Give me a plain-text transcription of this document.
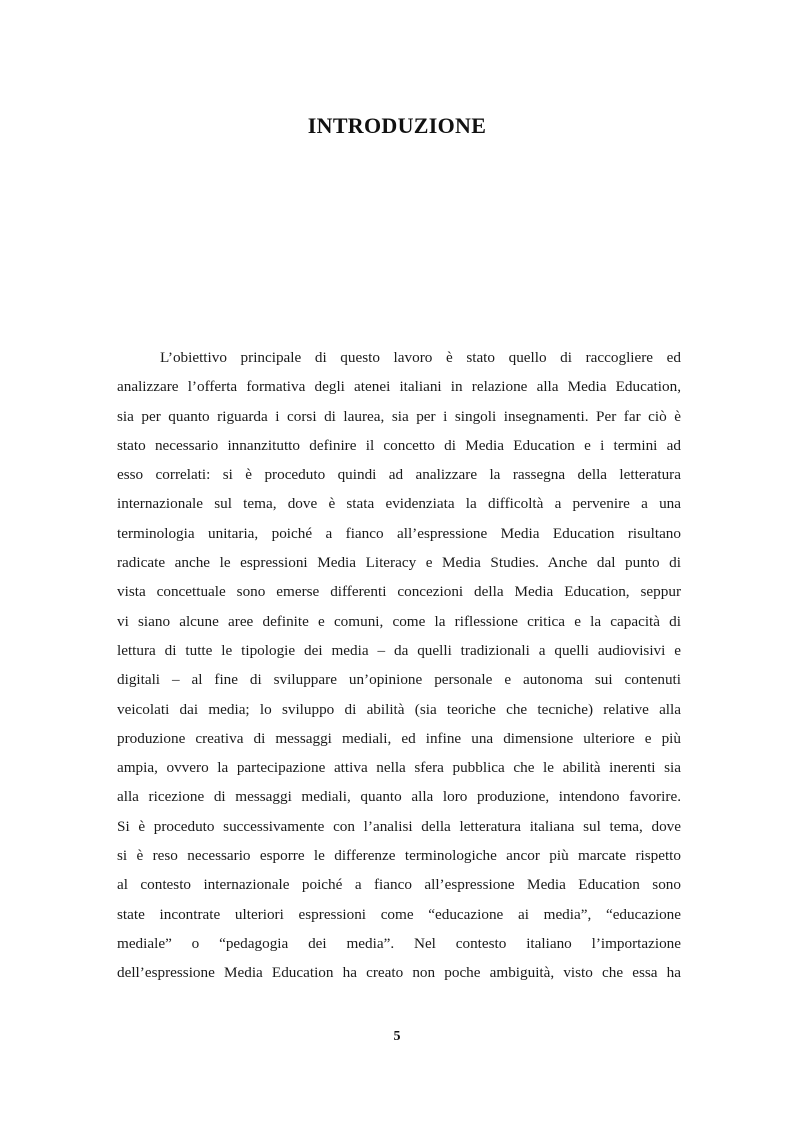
INTRODUZIONE
L’obiettivo principale di questo lavoro è stato quello di raccogliere ed
analizzare l’offerta formativa degli atenei italiani in relazione alla Media Education,
sia per quanto riguarda i corsi di laurea, sia per i singoli insegnamenti. Per far ciò è
stato necessario innanzitutto definire il concetto di Media Education e i termini ad
esso correlati: si è proceduto quindi ad analizzare la rassegna della letteratura
internazionale sul tema, dove è stata evidenziata la difficoltà a pervenire a una
terminologia unitaria, poiché a fianco all’espressione Media Education risultano
radicate anche le espressioni Media Literacy e Media Studies. Anche dal punto di
vista concettuale sono emerse differenti concezioni della Media Education, seppur
vi siano alcune aree definite e comuni, come la riflessione critica e la capacità di
lettura di tutte le tipologie dei media – da quelli tradizionali a quelli audiovisivi e
digitali – al fine di sviluppare un’opinione personale e autonoma sui contenuti
veicolati dai media; lo sviluppo di abilità (sia teoriche che tecniche) relative alla
produzione creativa di messaggi mediali, ed infine una dimensione ulteriore e più
ampia, ovvero la partecipazione attiva nella sfera pubblica che le abilità inerenti sia
alla ricezione di messaggi mediali, quanto alla loro produzione, intendono favorire.
Si è proceduto successivamente con l’analisi della letteratura italiana sul tema, dove
si è reso necessario esporre le differenze terminologiche ancor più marcate rispetto
al contesto internazionale poiché a fianco all’espressione Media Education sono
state incontrate ulteriori espressioni come “educazione ai media”, “educazione
mediale” o “pedagogia dei media”. Nel contesto italiano l’importazione
dell’espressione Media Education ha creato non poche ambiguità, visto che essa ha
5
